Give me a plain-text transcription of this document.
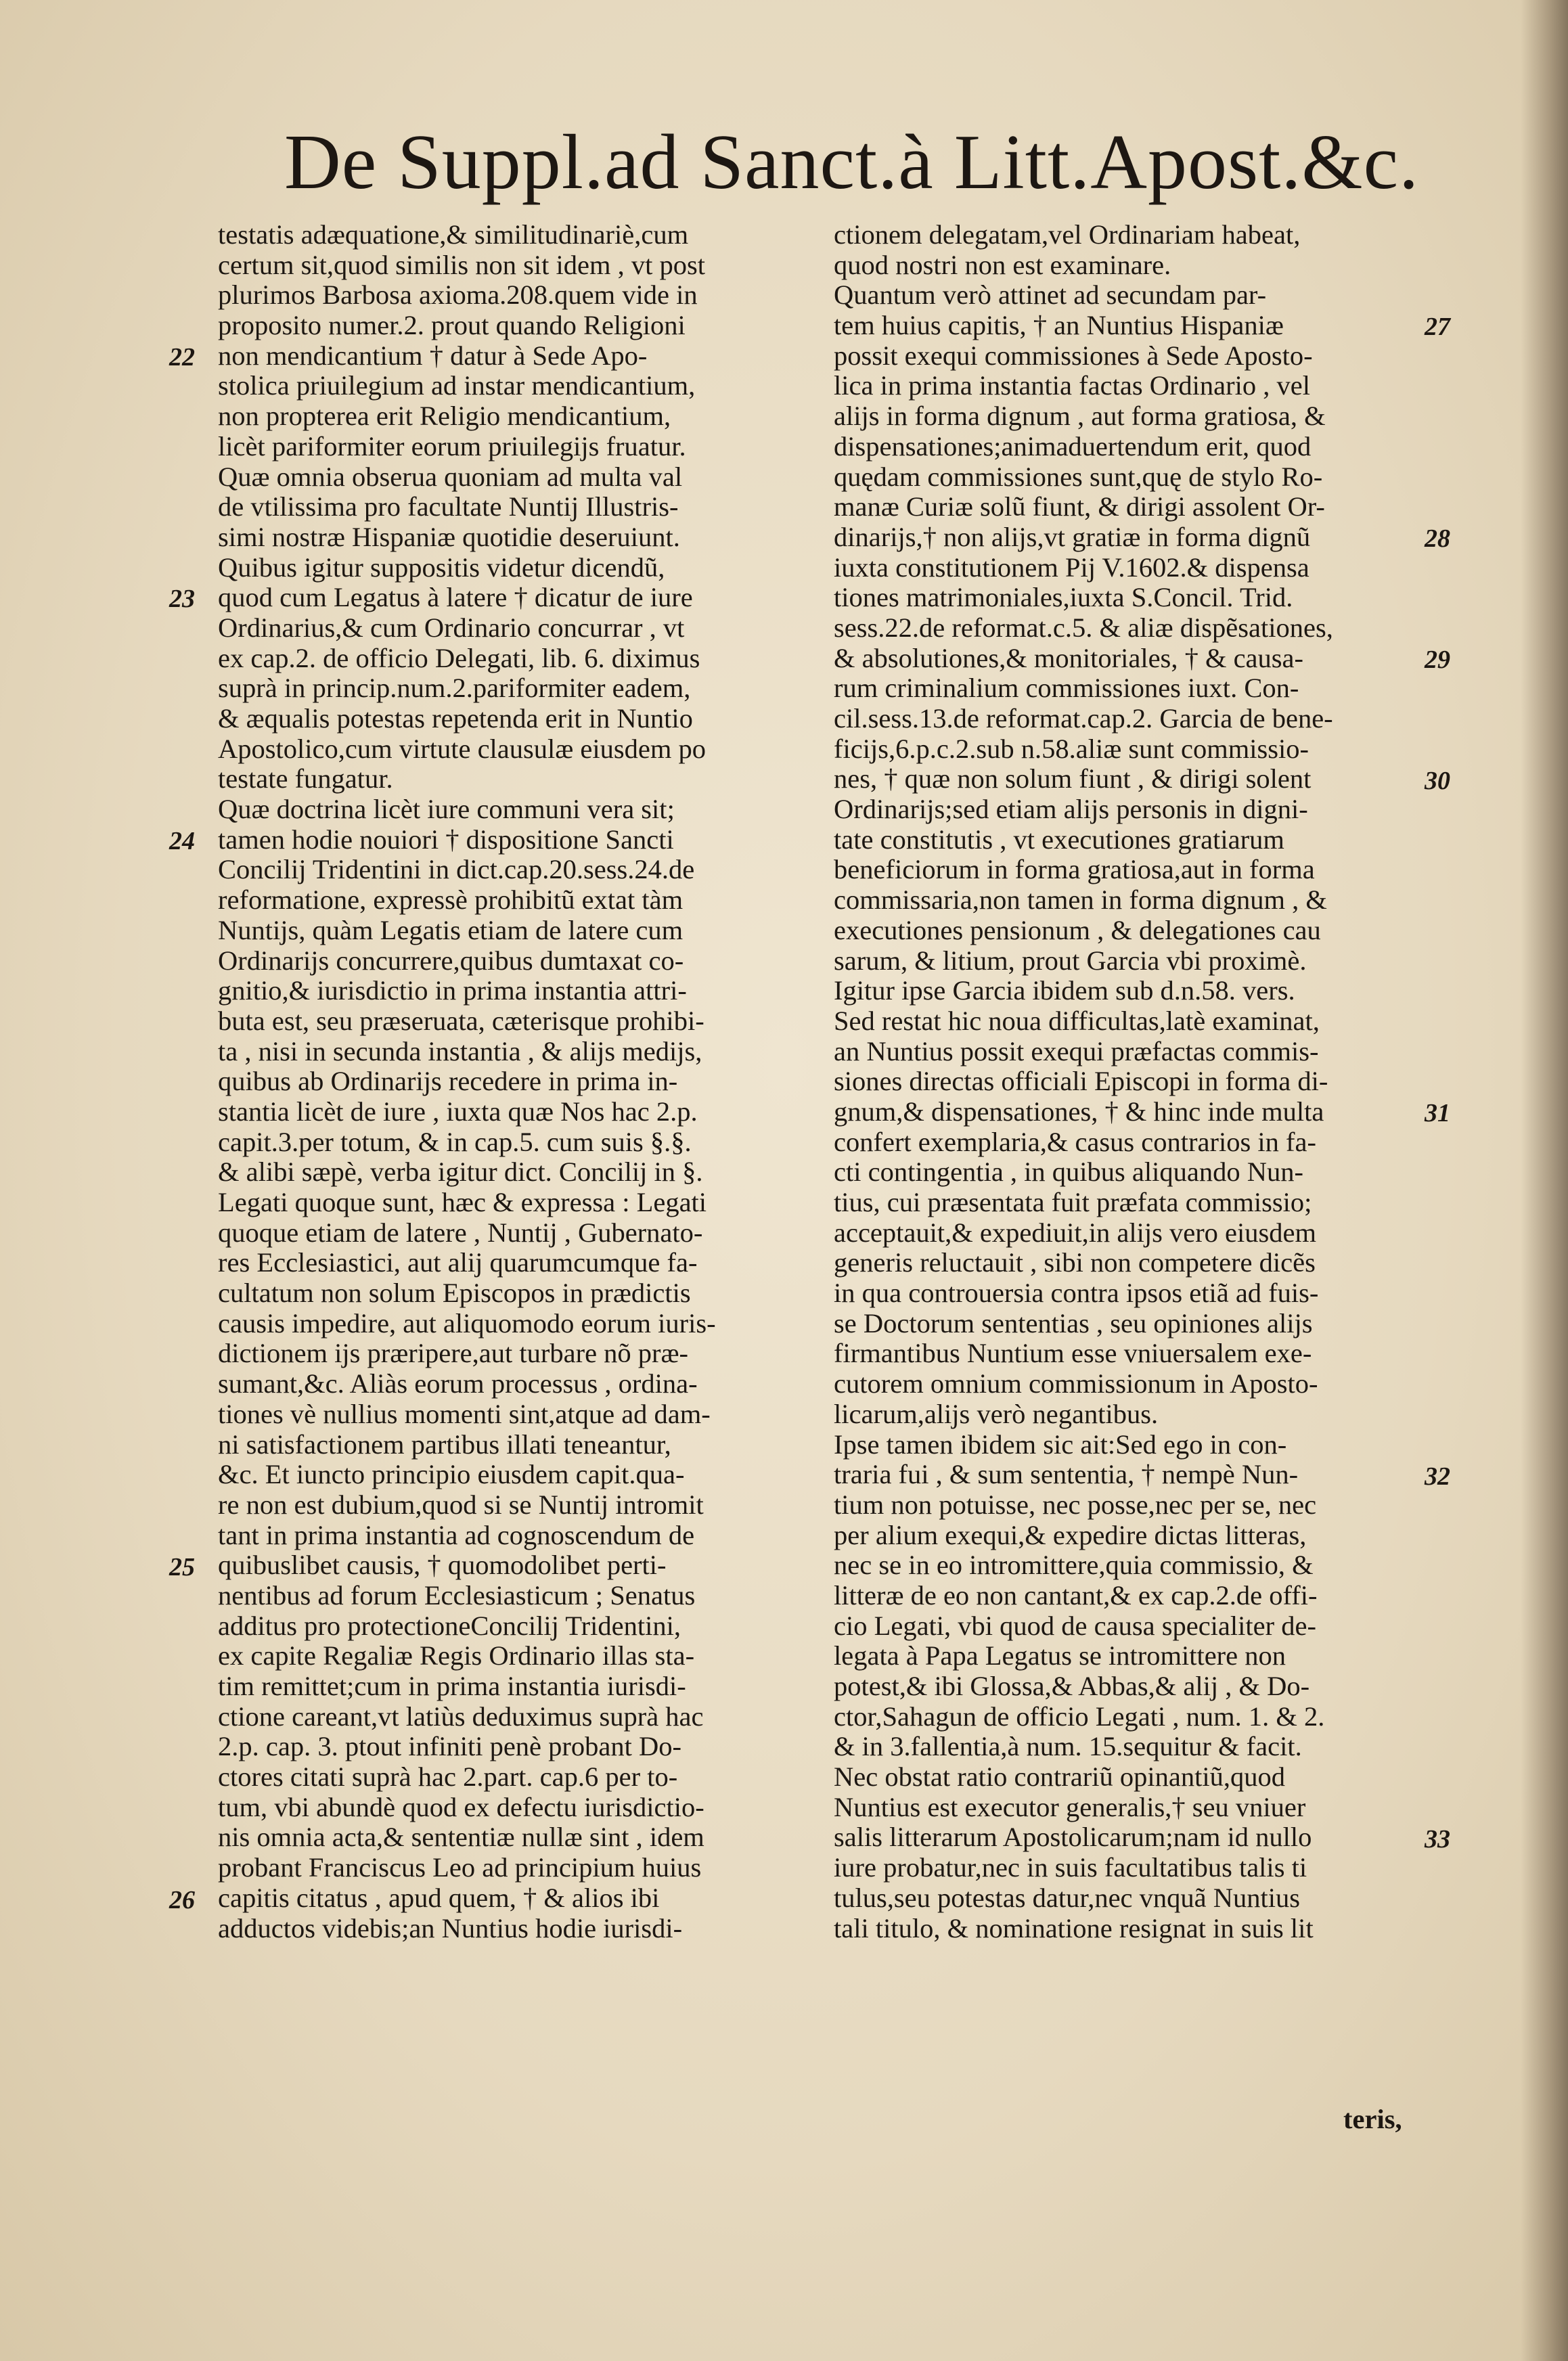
De Suppl.ad Sanct.à Litt.Apost.&c.
testatis adæquatione,& similitudinariè,cum
certum sit,quod similis non sit idem , vt post
plurimos Barbosa axioma.208.quem vide in
proposito numer.2. prout quando Religioni
non mendicantium † datur à Sede Apo-
stolica priuilegium ad instar mendicantium,
non propterea erit Religio mendicantium,
licèt pariformiter eorum priuilegijs fruatur.
Quæ omnia obserua quoniam ad multa val
de vtilissima pro facultate Nuntij Illustris-
simi nostræ Hispaniæ quotidie deseruiunt.
Quibus igitur suppositis videtur dicendũ,
quod cum Legatus à latere † dicatur de iure
Ordinarius,& cum Ordinario concurrar , vt
ex cap.2. de officio Delegati, lib. 6. diximus
suprà in princip.num.2.pariformiter eadem,
& æqualis potestas repetenda erit in Nuntio
Apostolico,cum virtute clausulæ eiusdem po
testate fungatur.
Quæ doctrina licèt iure communi vera sit;
tamen hodie nouiori † dispositione Sancti
Concilij Tridentini in dict.cap.20.sess.24.de
reformatione, expressè prohibitũ extat tàm
Nuntijs, quàm Legatis etiam de latere cum
Ordinarijs concurrere,quibus dumtaxat co-
gnitio,& iurisdictio in prima instantia attri-
buta est, seu præseruata, cæterisque prohibi-
ta , nisi in secunda instantia , & alijs medijs,
quibus ab Ordinarijs recedere in prima in-
stantia licèt de iure , iuxta quæ Nos hac 2.p.
capit.3.per totum, & in cap.5. cum suis §.§.
& alibi sæpè, verba igitur dict. Concilij in §.
Legati quoque sunt, hæc & expressa : Legati
quoque etiam de latere , Nuntij , Gubernato-
res Ecclesiastici, aut alij quarumcumque fa-
cultatum non solum Episcopos in prædictis
causis impedire, aut aliquomodo eorum iuris-
dictionem ijs præripere,aut turbare nõ præ-
sumant,&c. Aliàs eorum processus , ordina-
tiones vè nullius momenti sint,atque ad dam-
ni satisfactionem partibus illati teneantur,
&c. Et iuncto principio eiusdem capit.qua-
re non est dubium,quod si se Nuntij intromit
tant in prima instantia ad cognoscendum de
quibuslibet causis, † quomodolibet perti-
nentibus ad forum Ecclesiasticum ; Senatus
additus pro protectioneConcilij Tridentini,
ex capite Regaliæ Regis Ordinario illas sta-
tim remittet;cum in prima instantia iurisdi-
ctione careant,vt latiùs deduximus suprà hac
2.p. cap. 3. ptout infiniti penè probant Do-
ctores citati suprà hac 2.part. cap.6 per to-
tum, vbi abundè quod ex defectu iurisdictio-
nis omnia acta,& sententiæ nullæ sint , idem
probant Franciscus Leo ad principium huius
capitis citatus , apud quem, † & alios ibi
adductos videbis;an Nuntius hodie iurisdi-
ctionem delegatam,vel Ordinariam habeat,
quod nostri non est examinare.
Quantum verò attinet ad secundam par-
tem huius capitis, † an Nuntius Hispaniæ
possit exequi commissiones à Sede Aposto-
lica in prima instantia factas Ordinario , vel
alijs in forma dignum , aut forma gratiosa, &
dispensationes;animaduertendum erit, quod
quędam commissiones sunt,quę de stylo Ro-
manæ Curiæ solũ fiunt, & dirigi assolent Or-
dinarijs,† non alijs,vt gratiæ in forma dignũ
iuxta constitutionem Pij V.1602.& dispensa
tiones matrimoniales,iuxta S.Concil. Trid.
sess.22.de reformat.c.5. & aliæ dispẽsationes,
& absolutiones,& monitoriales, † & causa-
rum criminalium commissiones iuxt. Con-
cil.sess.13.de reformat.cap.2. Garcia de bene-
ficijs,6.p.c.2.sub n.58.aliæ sunt commissio-
nes, † quæ non solum fiunt , & dirigi solent
Ordinarijs;sed etiam alijs personis in digni-
tate constitutis , vt executiones gratiarum
beneficiorum in forma gratiosa,aut in forma
commissaria,non tamen in forma dignum , &
executiones pensionum , & delegationes cau
sarum, & litium, prout Garcia vbi proximè.
Igitur ipse Garcia ibidem sub d.n.58. vers.
Sed restat hic noua difficultas,latè examinat,
an Nuntius possit exequi præfactas commis-
siones directas officiali Episcopi in forma di-
gnum,& dispensationes, † & hinc inde multa
confert exemplaria,& casus contrarios in fa-
cti contingentia , in quibus aliquando Nun-
tius, cui præsentata fuit præfata commissio;
acceptauit,& expediuit,in alijs vero eiusdem
generis reluctauit , sibi non competere dicẽs
in qua controuersia contra ipsos etiã ad fuis-
se Doctorum sententias , seu opiniones alijs
firmantibus Nuntium esse vniuersalem exe-
cutorem omnium commissionum in Aposto-
licarum,alijs verò negantibus.
Ipse tamen ibidem sic ait:Sed ego in con-
traria fui , & sum sententia, † nempè Nun-
tium non potuisse, nec posse,nec per se, nec
per alium exequi,& expedire dictas litteras,
nec se in eo intromittere,quia commissio, &
litteræ de eo non cantant,& ex cap.2.de offi-
cio Legati, vbi quod de causa specialiter de-
legata à Papa Legatus se intromittere non
potest,& ibi Glossa,& Abbas,& alij , & Do-
ctor,Sahagun de officio Legati , num. 1. & 2.
& in 3.fallentia,à num. 15.sequitur & facit.
Nec obstat ratio contrariũ opinantiũ,quod
Nuntius est executor generalis,† seu vniuer
salis litterarum Apostolicarum;nam id nullo
iure probatur,nec in suis facultatibus talis ti
tulus,seu potestas datur,nec vnquã Nuntius
tali titulo, & nominatione resignat in suis lit
22
23
24
25
26
27
28
29
30
31
32
33
teris,
